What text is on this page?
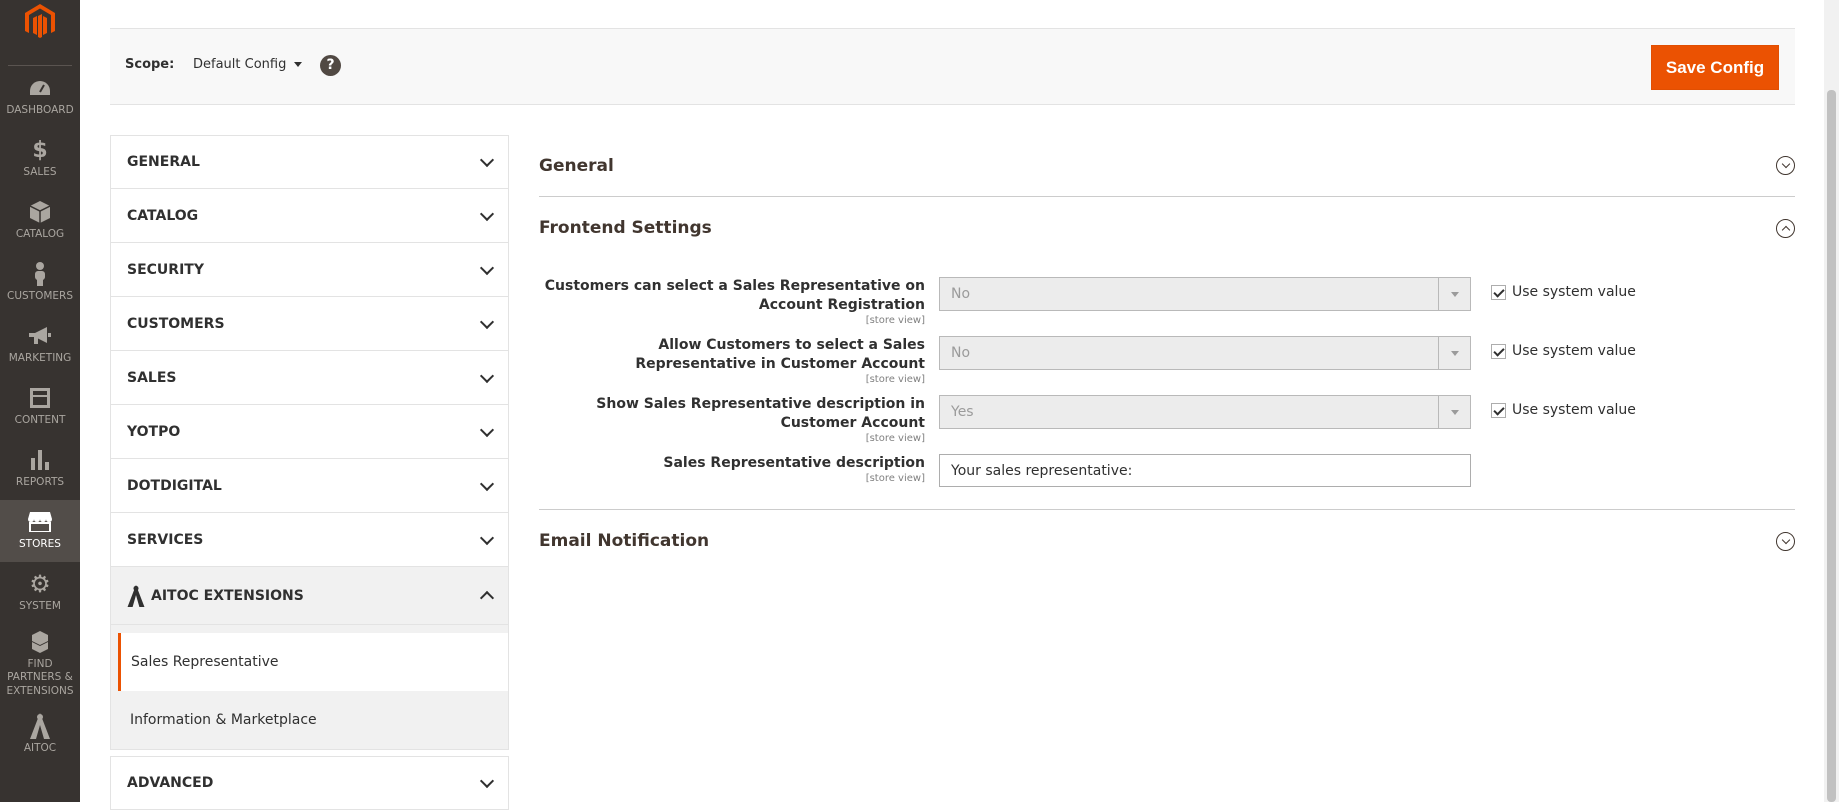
DASHBOARD
$
SALES
CATALOG
CUSTOMERS
MARKETING
CONTENT
REPORTS
STORES
⚙
SYSTEM
FIND PARTNERS & EXTENSIONS
AITOC
Scope: Default Config	?	Save Config
GENERAL
CATALOG
SECURITY
CUSTOMERS
SALES
YOTPO
DOTDIGITAL
SERVICES
AITOC EXTENSIONS
Sales Representative
Information & Marketplace
ADVANCED
General
Frontend Settings
Customers can select a Sales Representative on Account Registration
[store view]
No	Use system value
Allow Customers to select a Sales Representative in Customer Account
[store view]
No	Use system value
Show Sales Representative description in Customer Account
[store view]
Yes	Use system value
Sales Representative description
[store view]	Your sales representative:
Email Notification
